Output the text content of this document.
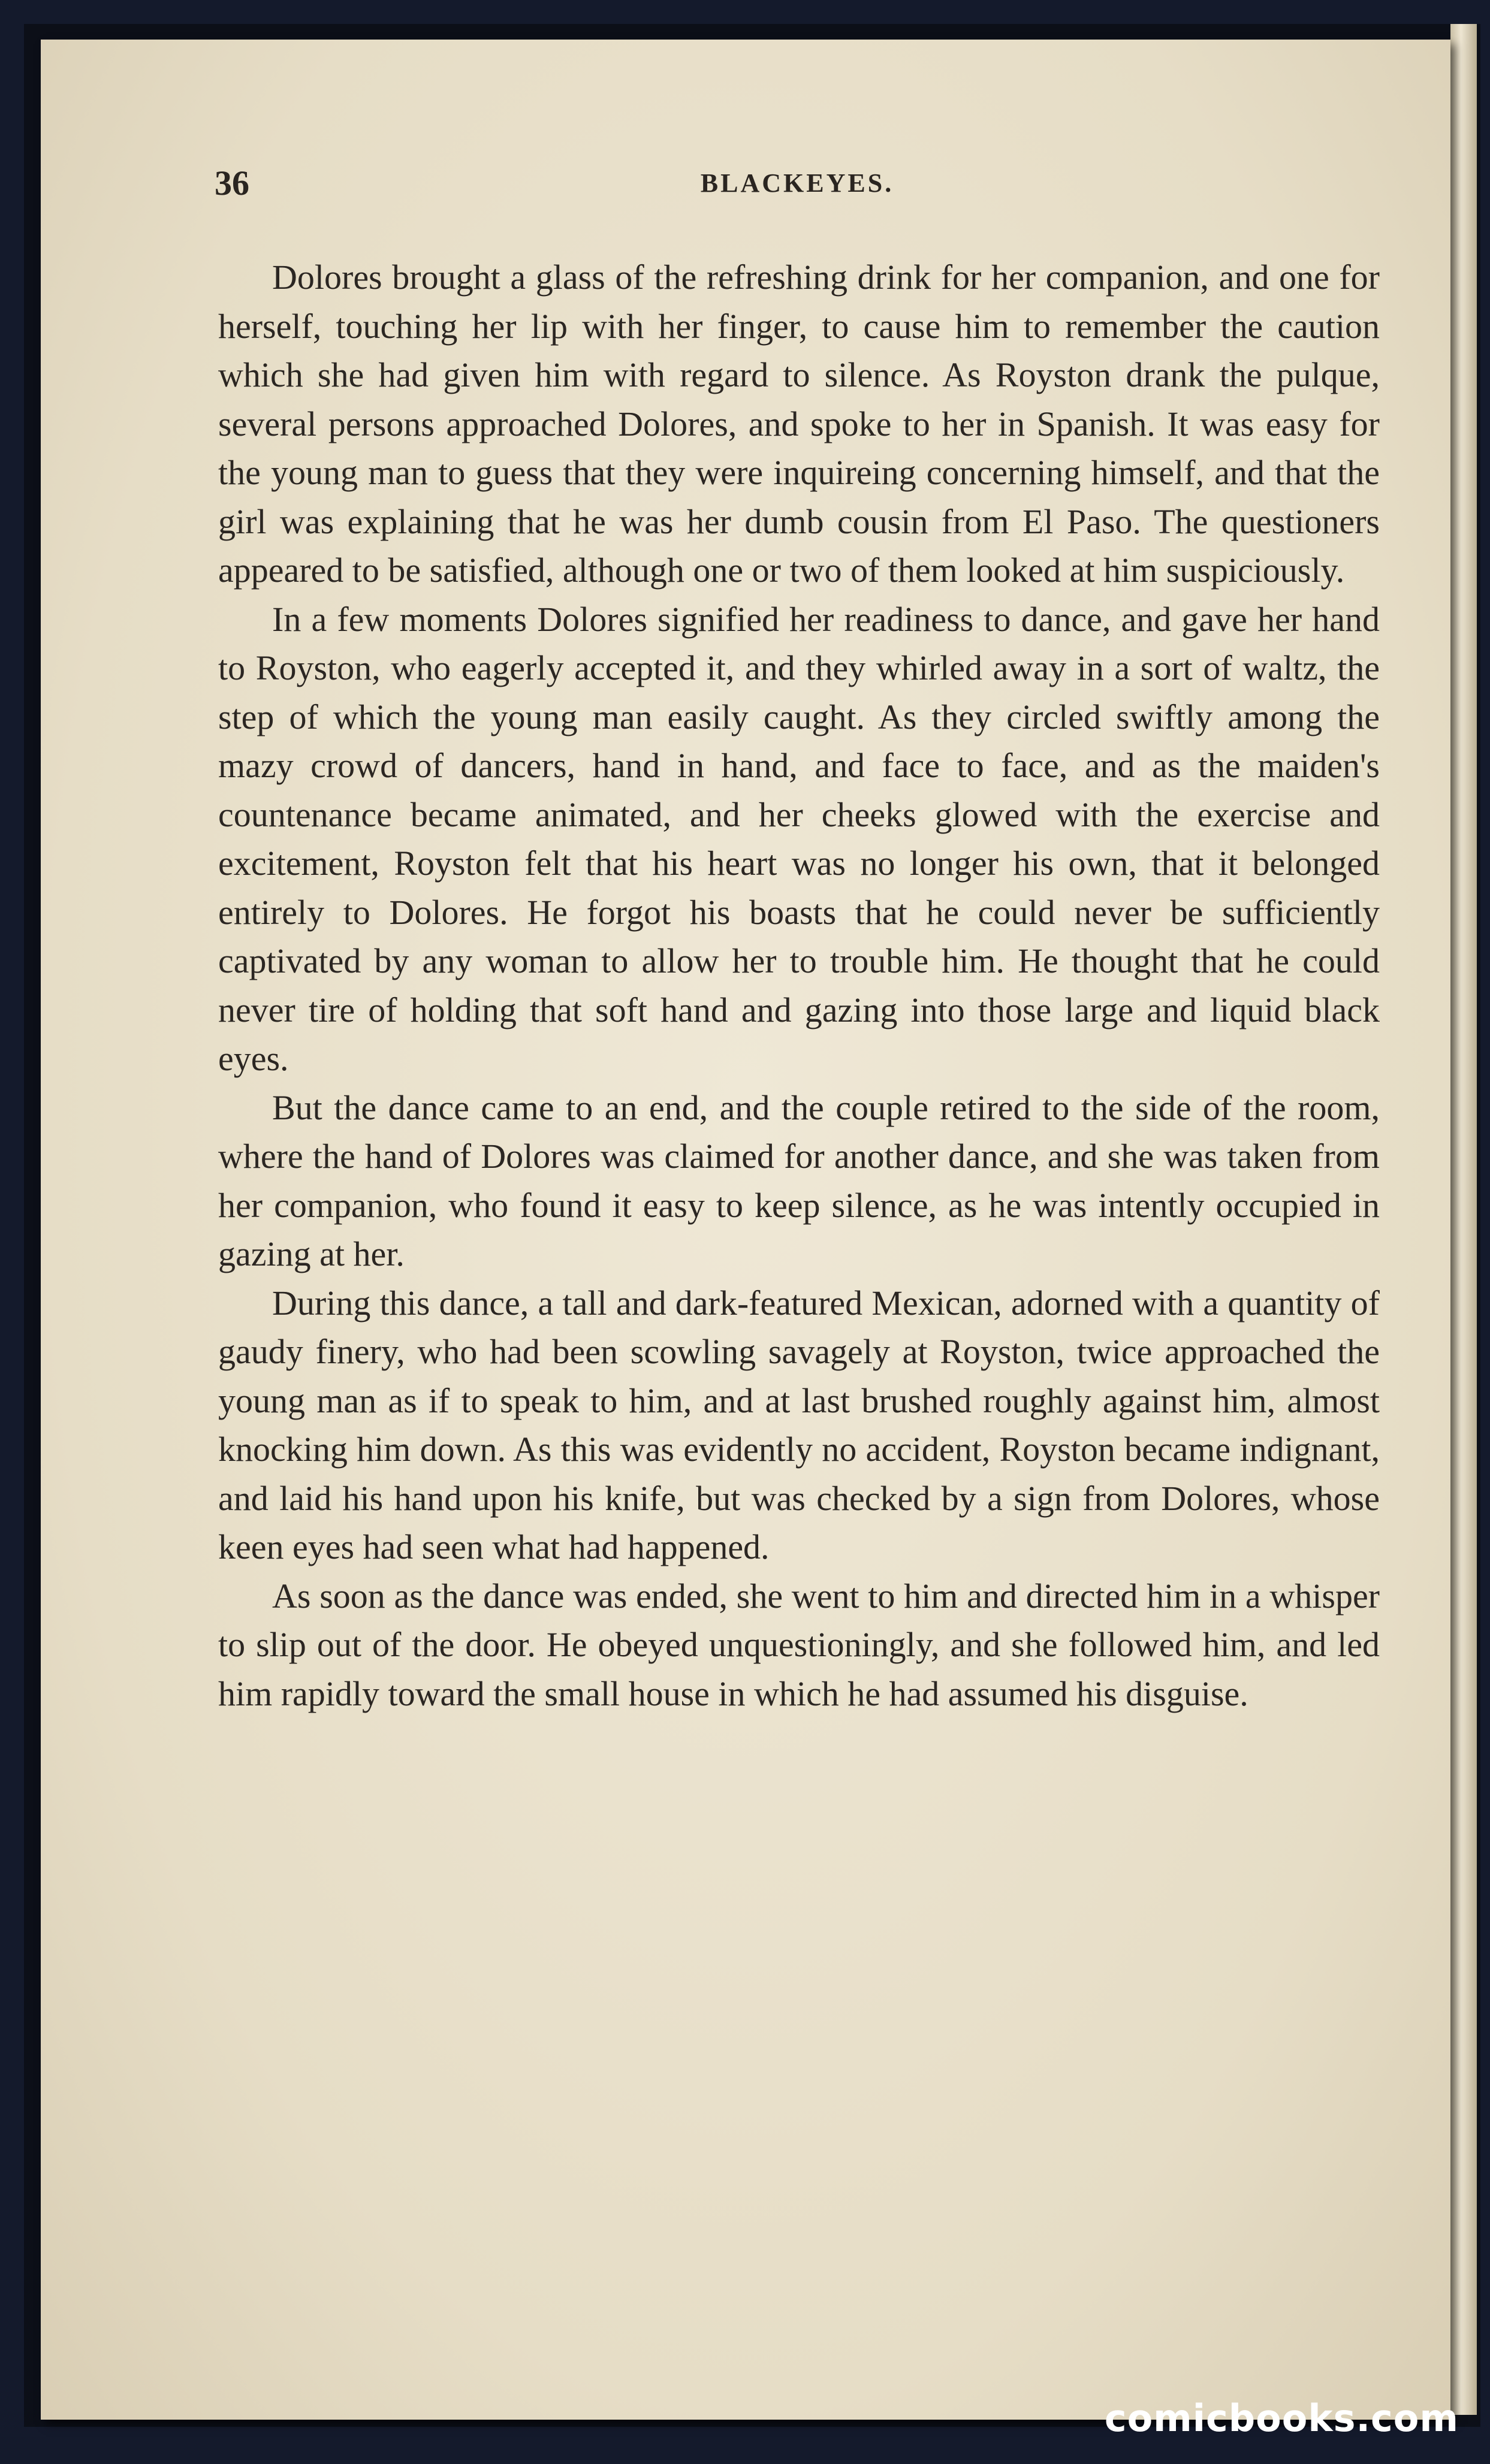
36	BLACKEYES.

Dolores brought a glass of the refreshing drink for her companion, and one for herself, touching her lip with her finger, to cause him to remember the caution which she had given him with regard to silence. As Royston drank the pulque, several persons approached Dolores, and spoke to her in Spanish. It was easy for the young man to guess that they were inquireing concerning himself, and that the girl was explaining that he was her dumb cousin from El Paso. The questioners appeared to be satisfied, although one or two of them looked at him suspiciously.

In a few moments Dolores signified her readiness to dance, and gave her hand to Royston, who eagerly accepted it, and they whirled away in a sort of waltz, the step of which the young man easily caught. As they circled swiftly among the mazy crowd of dancers, hand in hand, and face to face, and as the maiden's countenance became animated, and her cheeks glowed with the exercise and excitement, Royston felt that his heart was no longer his own, that it belonged entirely to Dolores. He forgot his boasts that he could never be sufficiently captivated by any woman to allow her to trouble him. He thought that he could never tire of holding that soft hand and gazing into those large and liquid black eyes.

But the dance came to an end, and the couple retired to the side of the room, where the hand of Dolores was claimed for another dance, and she was taken from her companion, who found it easy to keep silence, as he was intently occupied in gazing at her.

During this dance, a tall and dark-featured Mexican, adorned with a quantity of gaudy finery, who had been scowling savagely at Royston, twice approached the young man as if to speak to him, and at last brushed roughly against him, almost knocking him down. As this was evidently no accident, Royston became indignant, and laid his hand upon his knife, but was checked by a sign from Dolores, whose keen eyes had seen what had happened.

As soon as the dance was ended, she went to him and directed him in a whisper to slip out of the door. He obeyed unquestioningly, and she followed him, and led him rapidly toward the small house in which he had assumed his disguise.

comicbooks.com
